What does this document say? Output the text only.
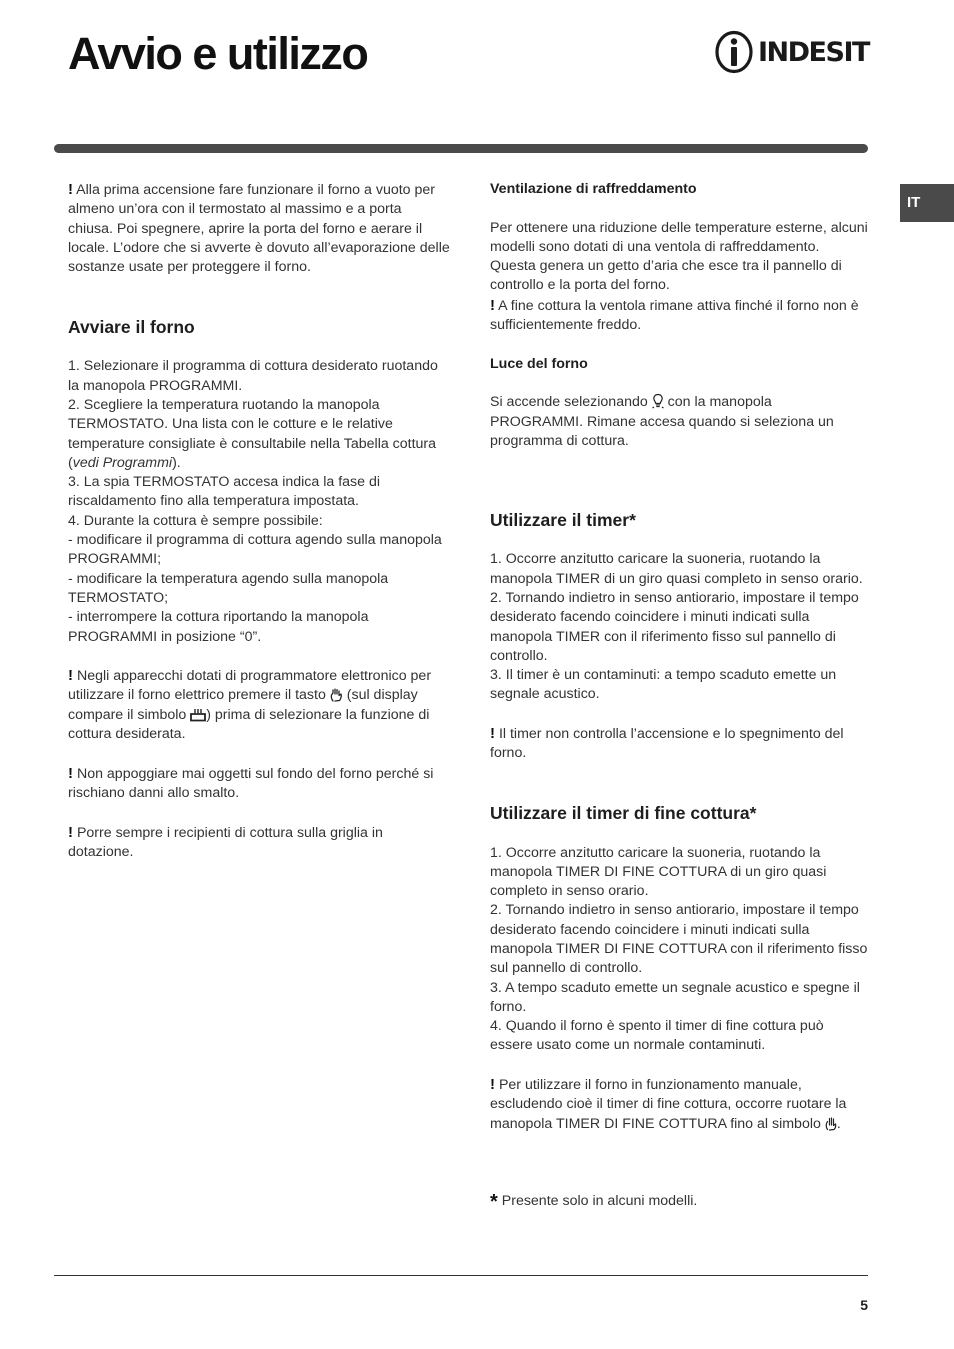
Avvio e utilizzo	INDESIT
IT

! Alla prima accensione fare funzionare il forno a vuoto per almeno un’ora con il termostato al massimo e a porta chiusa. Poi spegnere, aprire la porta del forno e aerare il locale. L’odore che si avverte è dovuto all’evaporazione delle sostanze usate per proteggere il forno.

Avviare il forno

1. Selezionare il programma di cottura desiderato ruotando la manopola PROGRAMMI.

2. Scegliere la temperatura ruotando la manopola TERMOSTATO. Una lista con le cotture e le relative temperature consigliate è consultabile nella Tabella cottura (vedi Programmi).

3. La spia TERMOSTATO accesa indica la fase di riscaldamento fino alla temperatura impostata.

4. Durante la cottura è sempre possibile:

- modificare il programma di cottura agendo sulla manopola PROGRAMMI;

- modificare la temperatura agendo sulla manopola TERMOSTATO;

- interrompere la cottura riportando la manopola PROGRAMMI in posizione “0”.

! Negli apparecchi dotati di programmatore elettronico per utilizzare il forno elettrico premere il tasto (sul display compare il simbolo ) prima di selezionare la funzione di cottura desiderata.

! Non appoggiare mai oggetti sul fondo del forno perché si rischiano danni allo smalto.

! Porre sempre i recipienti di cottura sulla griglia in dotazione.

Ventilazione di raffreddamento

Per ottenere una riduzione delle temperature esterne, alcuni modelli sono dotati di una ventola di raffreddamento. Questa genera un getto d’aria che esce tra il pannello di controllo e la porta del forno.

! A fine cottura la ventola rimane attiva finché il forno non è sufficientemente freddo.

Luce del forno

Si accende selezionando con la manopola PROGRAMMI. Rimane accesa quando si seleziona un programma di cottura.

Utilizzare il timer*

1. Occorre anzitutto caricare la suoneria, ruotando la manopola TIMER di un giro quasi completo in senso orario.

2. Tornando indietro in senso antiorario, impostare il tempo desiderato facendo coincidere i minuti indicati sulla manopola TIMER con il riferimento fisso sul pannello di controllo.

3. Il timer è un contaminuti: a tempo scaduto emette un segnale acustico.

! Il timer non controlla l’accensione e lo spegnimento del forno.

Utilizzare il timer di fine cottura*

1. Occorre anzitutto caricare la suoneria, ruotando la manopola TIMER DI FINE COTTURA di un giro quasi completo in senso orario.

2. Tornando indietro in senso antiorario, impostare il tempo desiderato facendo coincidere i minuti indicati sulla manopola TIMER DI FINE COTTURA con il riferimento fisso sul pannello di controllo.

3. A tempo scaduto emette un segnale acustico e spegne il forno.

4. Quando il forno è spento il timer di fine cottura può essere usato come un normale contaminuti.

! Per utilizzare il forno in funzionamento manuale, escludendo cioè il timer di fine cottura, occorre ruotare la manopola TIMER DI FINE COTTURA fino al simbolo .

* Presente solo in alcuni modelli.

5
